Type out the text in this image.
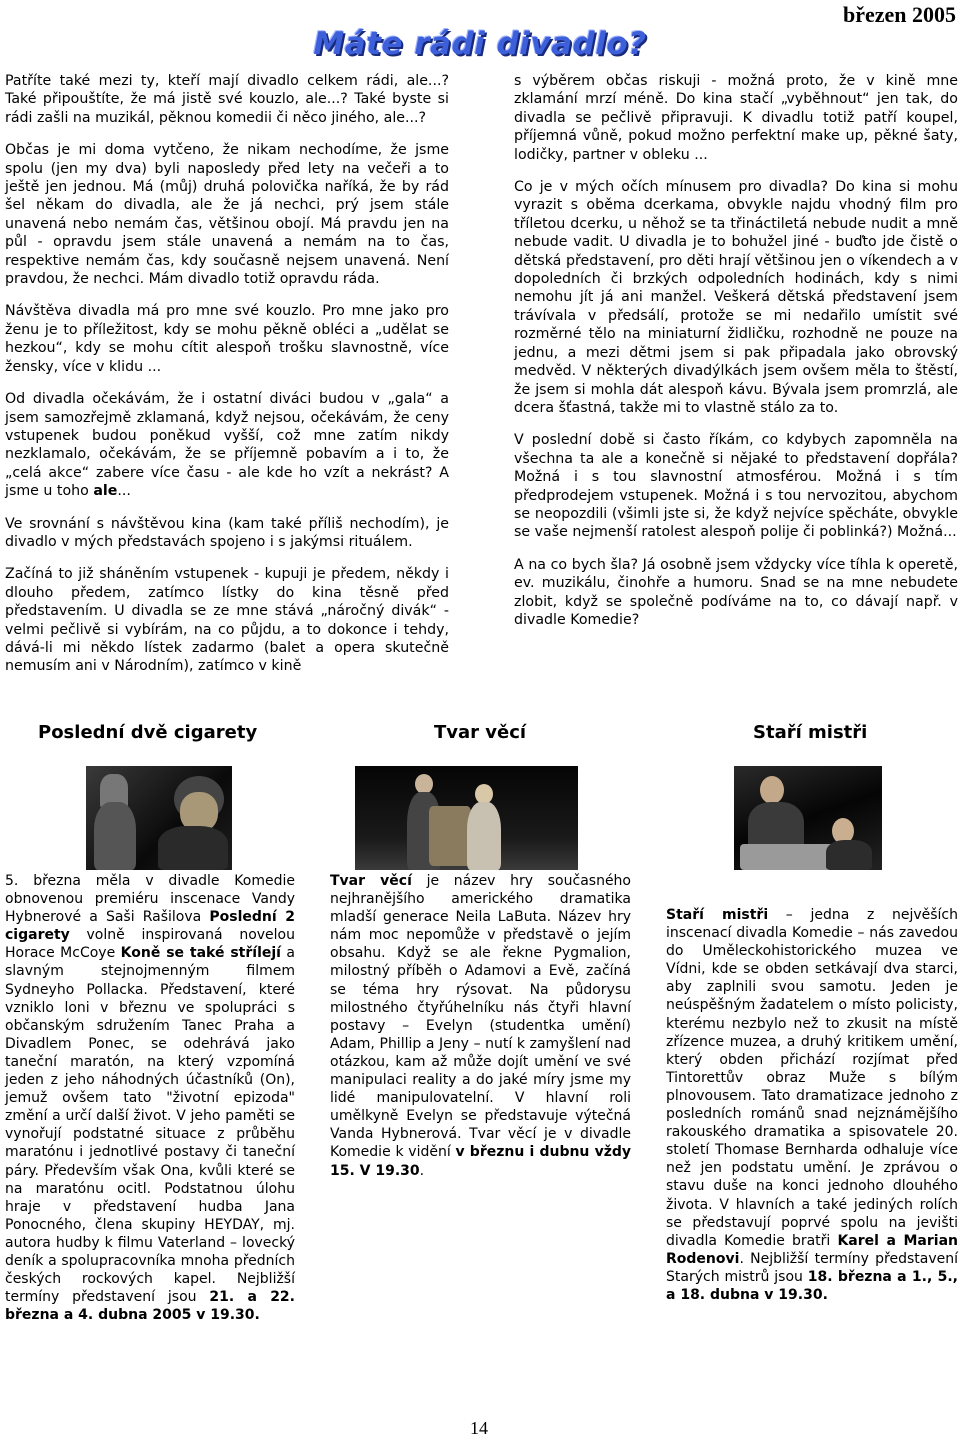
březen 2005
Máte rádi divadlo?

Patříte také mezi ty, kteří mají divadlo celkem rádi, ale...? Také připouštíte, že má jistě své kouzlo, ale...? Také byste si rádi zašli na muzikál, pěknou komedii či něco jiného, ale...?

Občas je mi doma vytčeno, že nikam nechodíme, že jsme spolu (jen my dva) byli naposledy před lety na večeři a to ještě jen jednou. Má (můj) druhá polovička naříká, že by rád šel někam do divadla, ale že já nechci, prý jsem stále unavená nebo nemám čas, většinou obojí. Má pravdu jen na půl - opravdu jsem stále unavená a nemám na to čas, respektive nemám čas, kdy současně nejsem unavená. Není pravdou, že nechci. Mám divadlo totiž opravdu ráda.

Návštěva divadla má pro mne své kouzlo. Pro mne jako pro ženu je to příležitost, kdy se mohu pěkně obléci a „udělat se hezkou“, kdy se mohu cítit alespoň trošku slavnostně, více žensky, více v klidu ...

Od divadla očekávám, že i ostatní diváci budou v „gala“ a jsem samozřejmě zklamaná, když nejsou, očekávám, že ceny vstupenek budou poněkud vyšší, což mne zatím nikdy nezklamalo, očekávám, že se příjemně pobavím a i to, že „celá akce“ zabere více času - ale kde ho vzít a nekrást? A jsme u toho ale...

Ve srovnání s návštěvou kina (kam také příliš nechodím), je divadlo v mých představách spojeno i s jakýmsi rituálem.

Začíná to již sháněním vstupenek - kupuji je předem, někdy i dlouho předem, zatímco lístky do kina těsně před představením. U divadla se ze mne stává „náročný divák“ - velmi pečlivě si vybírám, na co půjdu, a to dokonce i tehdy, dává-li mi někdo lístek zadarmo (balet a opera skutečně nemusím ani v Národním), zatímco v kině

s výběrem občas riskuji - možná proto, že v kině mne zklamání mrzí méně. Do kina stačí „vyběhnout“ jen tak, do divadla se pečlivě připravuji. K divadlu totiž patří koupel, příjemná vůně, pokud možno perfektní make up, pěkné šaty, lodičky, partner v obleku ...

Co je v mých očích mínusem pro divadla? Do kina si mohu vyrazit s oběma dcerkama, obvykle najdu vhodný film pro tříletou dcerku, u něhož se ta třináctiletá nebude nudit a mně nebude vadit. U divadla je to bohužel jiné - buďto jde čistě o dětská představení, pro děti hrají většinou jen o víkendech a v dopoledních či brzkých odpoledních hodinách, kdy s nimi nemohu jít já ani manžel. Veškerá dětská představení jsem trávívala v předsálí, protože se mi nedařilo umístit své rozměrné tělo na miniaturní židličku, rozhodně ne pouze na jednu, a mezi dětmi jsem si pak připadala jako obrovský medvěd. V některých divadýlkách jsem ovšem měla to štěstí, že jsem si mohla dát alespoň kávu. Bývala jsem promrzlá, ale dcera šťastná, takže mi to vlastně stálo za to.

V poslední době si často říkám, co kdybych zapomněla na všechna ta ale a konečně si nějaké to představení dopřála? Možná i s tou slavnostní atmosférou. Možná i s tím předprodejem vstupenek. Možná i s tou nervozitou, abychom se neopozdili (všimli jste si, že když nejvíce spěcháte, obvykle se vaše nejmenší ratolest alespoň polije či poblinká?) Možná...

A na co bych šla? Já osobně jsem vždycky více tíhla k operetě, ev. muzikálu, činohře a humoru. Snad se na mne nebudete zlobit, když se společně podíváme na to, co dávají např. v divadle Komedie?

Poslední dvě cigarety	Tvar věcí	Staří mistři

5. března měla v divadle Komedie obnovenou premiéru inscenace Vandy Hybnerové a Saši Rašilova Poslední 2 cigarety volně inspirovaná novelou Horace McCoye Koně se také střílejí a slavným stejnojmenným filmem Sydneyho Pollacka. Představení, které vzniklo loni v březnu ve spolupráci s občanským sdružením Tanec Praha a Divadlem Ponec, se odehrává jako taneční maratón, na který vzpomíná jeden z jeho náhodných účastníků (On), jemuž ovšem tato "životní epizoda" změní a určí další život. V jeho paměti se vynořují podstatné situace z průběhu maratónu i jednotlivé postavy či taneční páry. Především však Ona, kvůli které se na maratónu ocitl. Podstatnou úlohu hraje v představení hudba Jana Ponocného, člena skupiny HEYDAY, mj. autora hudby k filmu Vaterland – lovecký deník a spolupracovníka mnoha předních českých rockových kapel. Nejbližší termíny představení jsou 21. a 22. března a 4. dubna 2005 v 19.30.

Tvar věcí je název hry současného nejhranějšího amerického dramatika mladší generace Neila LaButa. Název hry nám moc nepomůže v představě o jejím obsahu. Když se ale řekne Pygmalion, milostný příběh o Adamovi a Evě, začíná se téma hry rýsovat. Na půdorysu milostného čtyřúhelníku nás čtyři hlavní postavy – Evelyn (studentka umění) Adam, Phillip a Jeny – nutí k zamyšlení nad otázkou, kam až může dojít umění ve své manipulaci reality a do jaké míry jsme my lidé manipulovatelní. V hlavní roli umělkyně Evelyn se představuje výtečná Vanda Hybnerová. Tvar věcí je v divadle Komedie k vidění v březnu i dubnu vždy 15. V 19.30.

Staří mistři – jedna z nejvěších inscenací divadla Komedie – nás zavedou do Uměleckohistorického muzea ve Vídni, kde se obden setkávají dva starci, aby zaplnili svou samotu. Jeden je neúspěšným žadatelem o místo policisty, kterému nezbylo než to zkusit na místě zřízence muzea, a druhý kritikem umění, který obden přichází rozjímat před Tintorettův obraz Muže s bílým plnovousem. Tato dramatizace jednoho z posledních románů snad nejznámějšího rakouského dramatika a spisovatele 20. století Thomase Bernharda odhaluje více než jen podstatu umění. Je zprávou o stavu duše na konci jednoho dlouhého života. V hlavních a také jediných rolích se představují poprvé spolu na jevišti divadla Komedie bratři Karel a Marian Rodenovi. Nejbližší termíny představení Starých mistrů jsou 18. března a 1., 5., a 18. dubna v 19.30.

14
